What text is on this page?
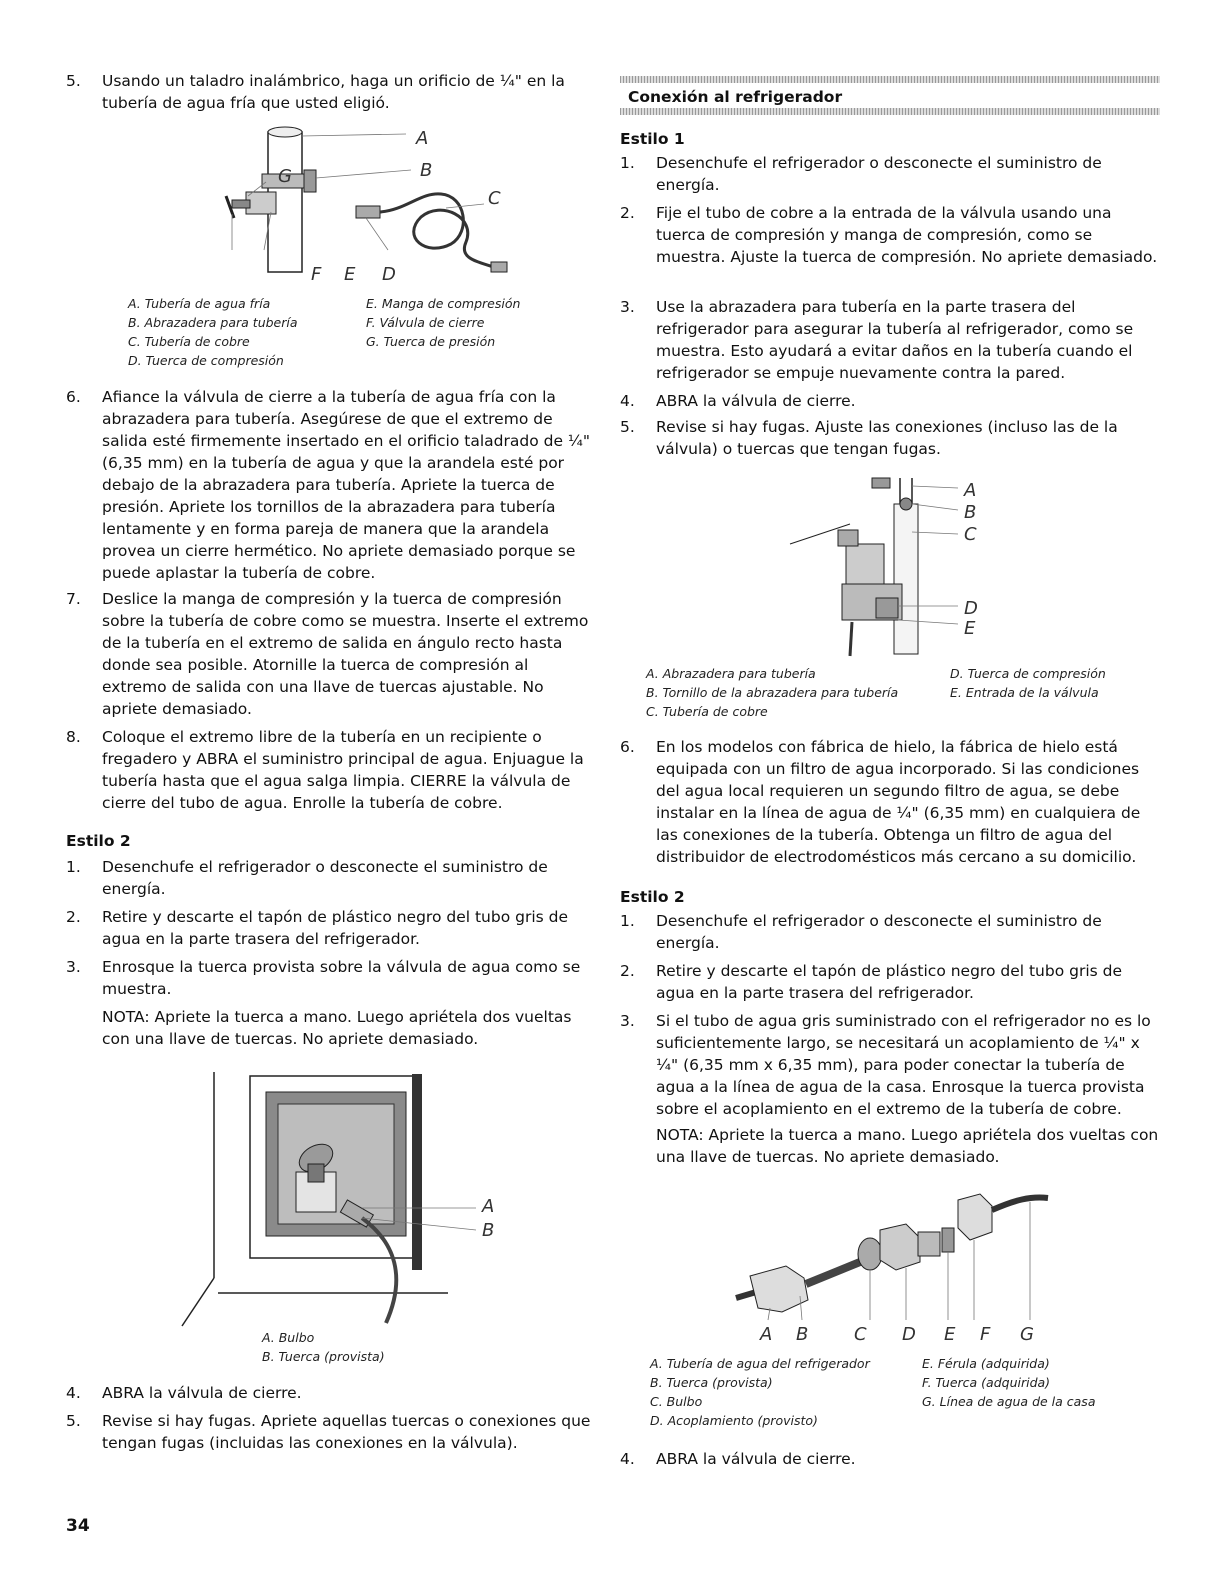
5.	Usando un taladro inalámbrico, haga un orificio de ¼" en la tubería de agua fría que usted eligió.
A
B
C
G
F E D
A. Tubería de agua fría
B. Abrazadera para tubería
C. Tubería de cobre
D. Tuerca de compresión
E. Manga de compresión
F. Válvula de cierre
G. Tuerca de presión
6.	Afiance la válvula de cierre a la tubería de agua fría con la abrazadera para tubería. Asegúrese de que el extremo de salida esté firmemente insertado en el orificio taladrado de ¼" (6,35 mm) en la tubería de agua y que la arandela esté por debajo de la abrazadera para tubería. Apriete la tuerca de presión. Apriete los tornillos de la abrazadera para tubería lentamente y en forma pareja de manera que la arandela provea un cierre hermético. No apriete demasiado porque se puede aplastar la tubería de cobre.
7.	Deslice la manga de compresión y la tuerca de compresión sobre la tubería de cobre como se muestra. Inserte el extremo de la tubería en el extremo de salida en ángulo recto hasta donde sea posible. Atornille la tuerca de compresión al extremo de salida con una llave de tuercas ajustable. No apriete demasiado.
8.	Coloque el extremo libre de la tubería en un recipiente o fregadero y ABRA el suministro principal de agua. Enjuague la tubería hasta que el agua salga limpia. CIERRE la válvula de cierre del tubo de agua. Enrolle la tubería de cobre.
Estilo 2
1.	Desenchufe el refrigerador o desconecte el suministro de energía.
2.	Retire y descarte el tapón de plástico negro del tubo gris de agua en la parte trasera del refrigerador.
3.	Enrosque la tuerca provista sobre la válvula de agua como se muestra.
NOTA: Apriete la tuerca a mano. Luego apriétela dos vueltas con una llave de tuercas. No apriete demasiado.
A
B
A. Bulbo
B. Tuerca (provista)
4.	ABRA la válvula de cierre.
5.	Revise si hay fugas. Apriete aquellas tuercas o conexiones que tengan fugas (incluidas las conexiones en la válvula).
Conexión al refrigerador
Estilo 1
1.	Desenchufe el refrigerador o desconecte el suministro de energía.
2.	Fije el tubo de cobre a la entrada de la válvula usando una tuerca de compresión y manga de compresión, como se muestra. Ajuste la tuerca de compresión. No apriete demasiado.
3.	Use la abrazadera para tubería en la parte trasera del refrigerador para asegurar la tubería al refrigerador, como se muestra. Esto ayudará a evitar daños en la tubería cuando el refrigerador se empuje nuevamente contra la pared.
4.	ABRA la válvula de cierre.
5.	Revise si hay fugas. Ajuste las conexiones (incluso las de la válvula) o tuercas que tengan fugas.
A
B
C
D
E
A. Abrazadera para tubería
B. Tornillo de la abrazadera para tubería
C. Tubería de cobre
D. Tuerca de compresión
E. Entrada de la válvula
6.	En los modelos con fábrica de hielo, la fábrica de hielo está equipada con un filtro de agua incorporado. Si las condiciones del agua local requieren un segundo filtro de agua, se debe instalar en la línea de agua de ¼" (6,35 mm) en cualquiera de las conexiones de la tubería. Obtenga un filtro de agua del distribuidor de electrodomésticos más cercano a su domicilio.
Estilo 2
1.	Desenchufe el refrigerador o desconecte el suministro de energía.
2.	Retire y descarte el tapón de plástico negro del tubo gris de agua en la parte trasera del refrigerador.
3.	Si el tubo de agua gris suministrado con el refrigerador no es lo suficientemente largo, se necesitará un acoplamiento de ¼" x ¼" (6,35 mm x 6,35 mm), para poder conectar la tubería de agua a la línea de agua de la casa. Enrosque la tuerca provista sobre el acoplamiento en el extremo de la tubería de cobre.
NOTA: Apriete la tuerca a mano. Luego apriétela dos vueltas con una llave de tuercas. No apriete demasiado.
A B	C D E F G
A. Tubería de agua del refrigerador
B. Tuerca (provista)
C. Bulbo
D. Acoplamiento (provisto)
E. Férula (adquirida)
F. Tuerca (adquirida)
G. Línea de agua de la casa
4.	ABRA la válvula de cierre.
34
